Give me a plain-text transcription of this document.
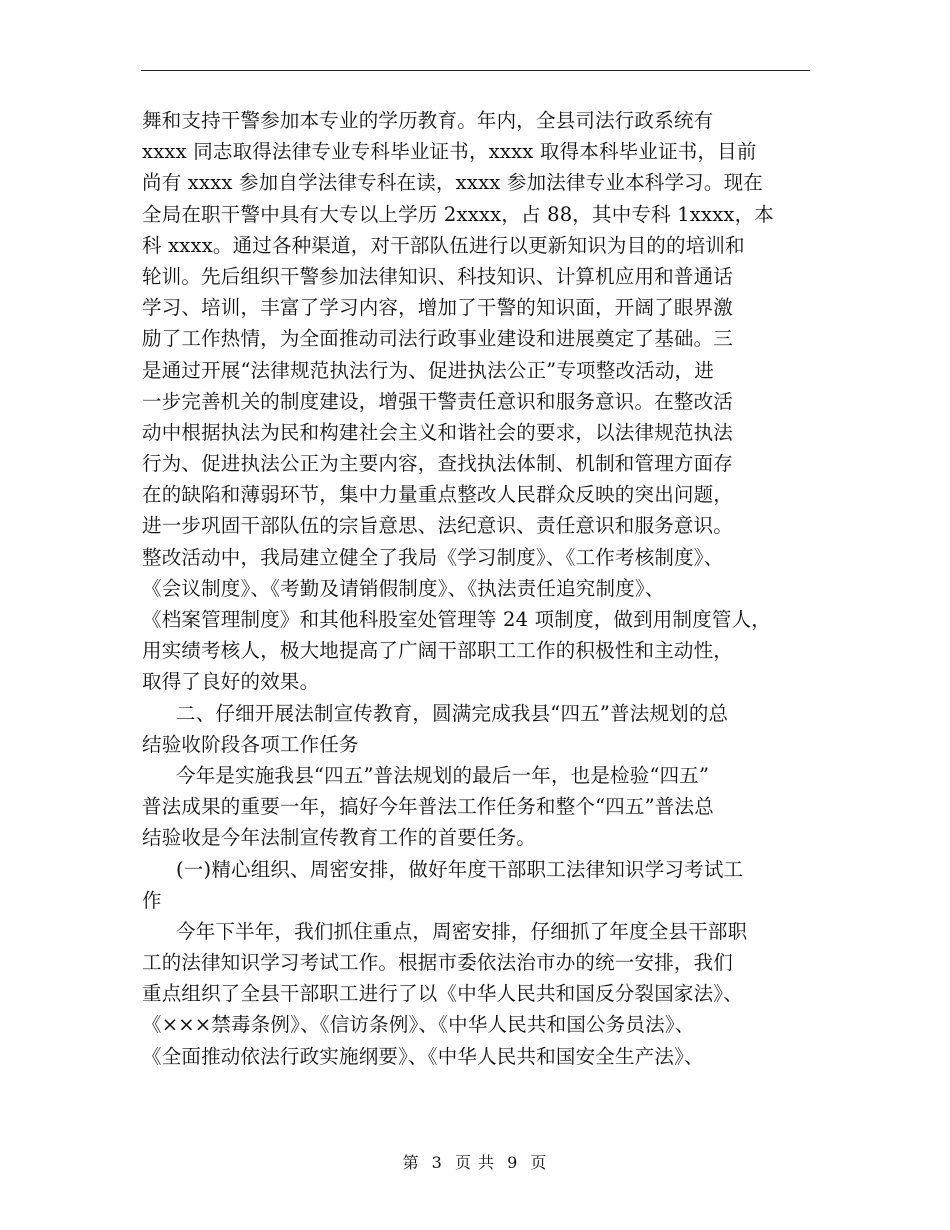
舞和支持干警参加本专业的学历教育。年内，全县司法行政系统有
xxxx 同志取得法律专业专科毕业证书，xxxx 取得本科毕业证书，目前
尚有 xxxx 参加自学法律专科在读，xxxx 参加法律专业本科学习。现在
全局在职干警中具有大专以上学历 2xxxx，占 88，其中专科 1xxxx，本
科 xxxx。通过各种渠道，对干部队伍进行以更新知识为目的的培训和
轮训。先后组织干警参加法律知识、科技知识、计算机应用和普通话
学习、培训，丰富了学习内容，增加了干警的知识面，开阔了眼界激
励了工作热情，为全面推动司法行政事业建设和进展奠定了基础。三
是通过开展“法律规范执法行为、促进执法公正”专项整改活动，进
一步完善机关的制度建设，增强干警责任意识和服务意识。在整改活
动中根据执法为民和构建社会主义和谐社会的要求，以法律规范执法
行为、促进执法公正为主要内容，查找执法体制、机制和管理方面存
在的缺陷和薄弱环节，集中力量重点整改人民群众反映的突出问题，
进一步巩固干部队伍的宗旨意思、法纪意识、责任意识和服务意识。
整改活动中，我局建立健全了我局《学习制度》、《工作考核制度》、
《会议制度》、《考勤及请销假制度》、《执法责任追究制度》、
《档案管理制度》和其他科股室处管理等 24 项制度，做到用制度管人，
用实绩考核人，极大地提高了广阔干部职工工作的积极性和主动性，
取得了良好的效果。
二、仔细开展法制宣传教育，圆满完成我县“四五”普法规划的总
结验收阶段各项工作任务
今年是实施我县“四五”普法规划的最后一年，也是检验“四五”
普法成果的重要一年，搞好今年普法工作任务和整个“四五”普法总
结验收是今年法制宣传教育工作的首要任务。
(一)精心组织、周密安排，做好年度干部职工法律知识学习考试工
作
今年下半年，我们抓住重点，周密安排，仔细抓了年度全县干部职
工的法律知识学习考试工作。根据市委依法治市办的统一安排，我们
重点组织了全县干部职工进行了以《中华人民共和国反分裂国家法》、
《×××禁毒条例》、《信访条例》、《中华人民共和国公务员法》、
《全面推动依法行政实施纲要》、《中华人民共和国安全生产法》、
第 3 页 共 9 页
